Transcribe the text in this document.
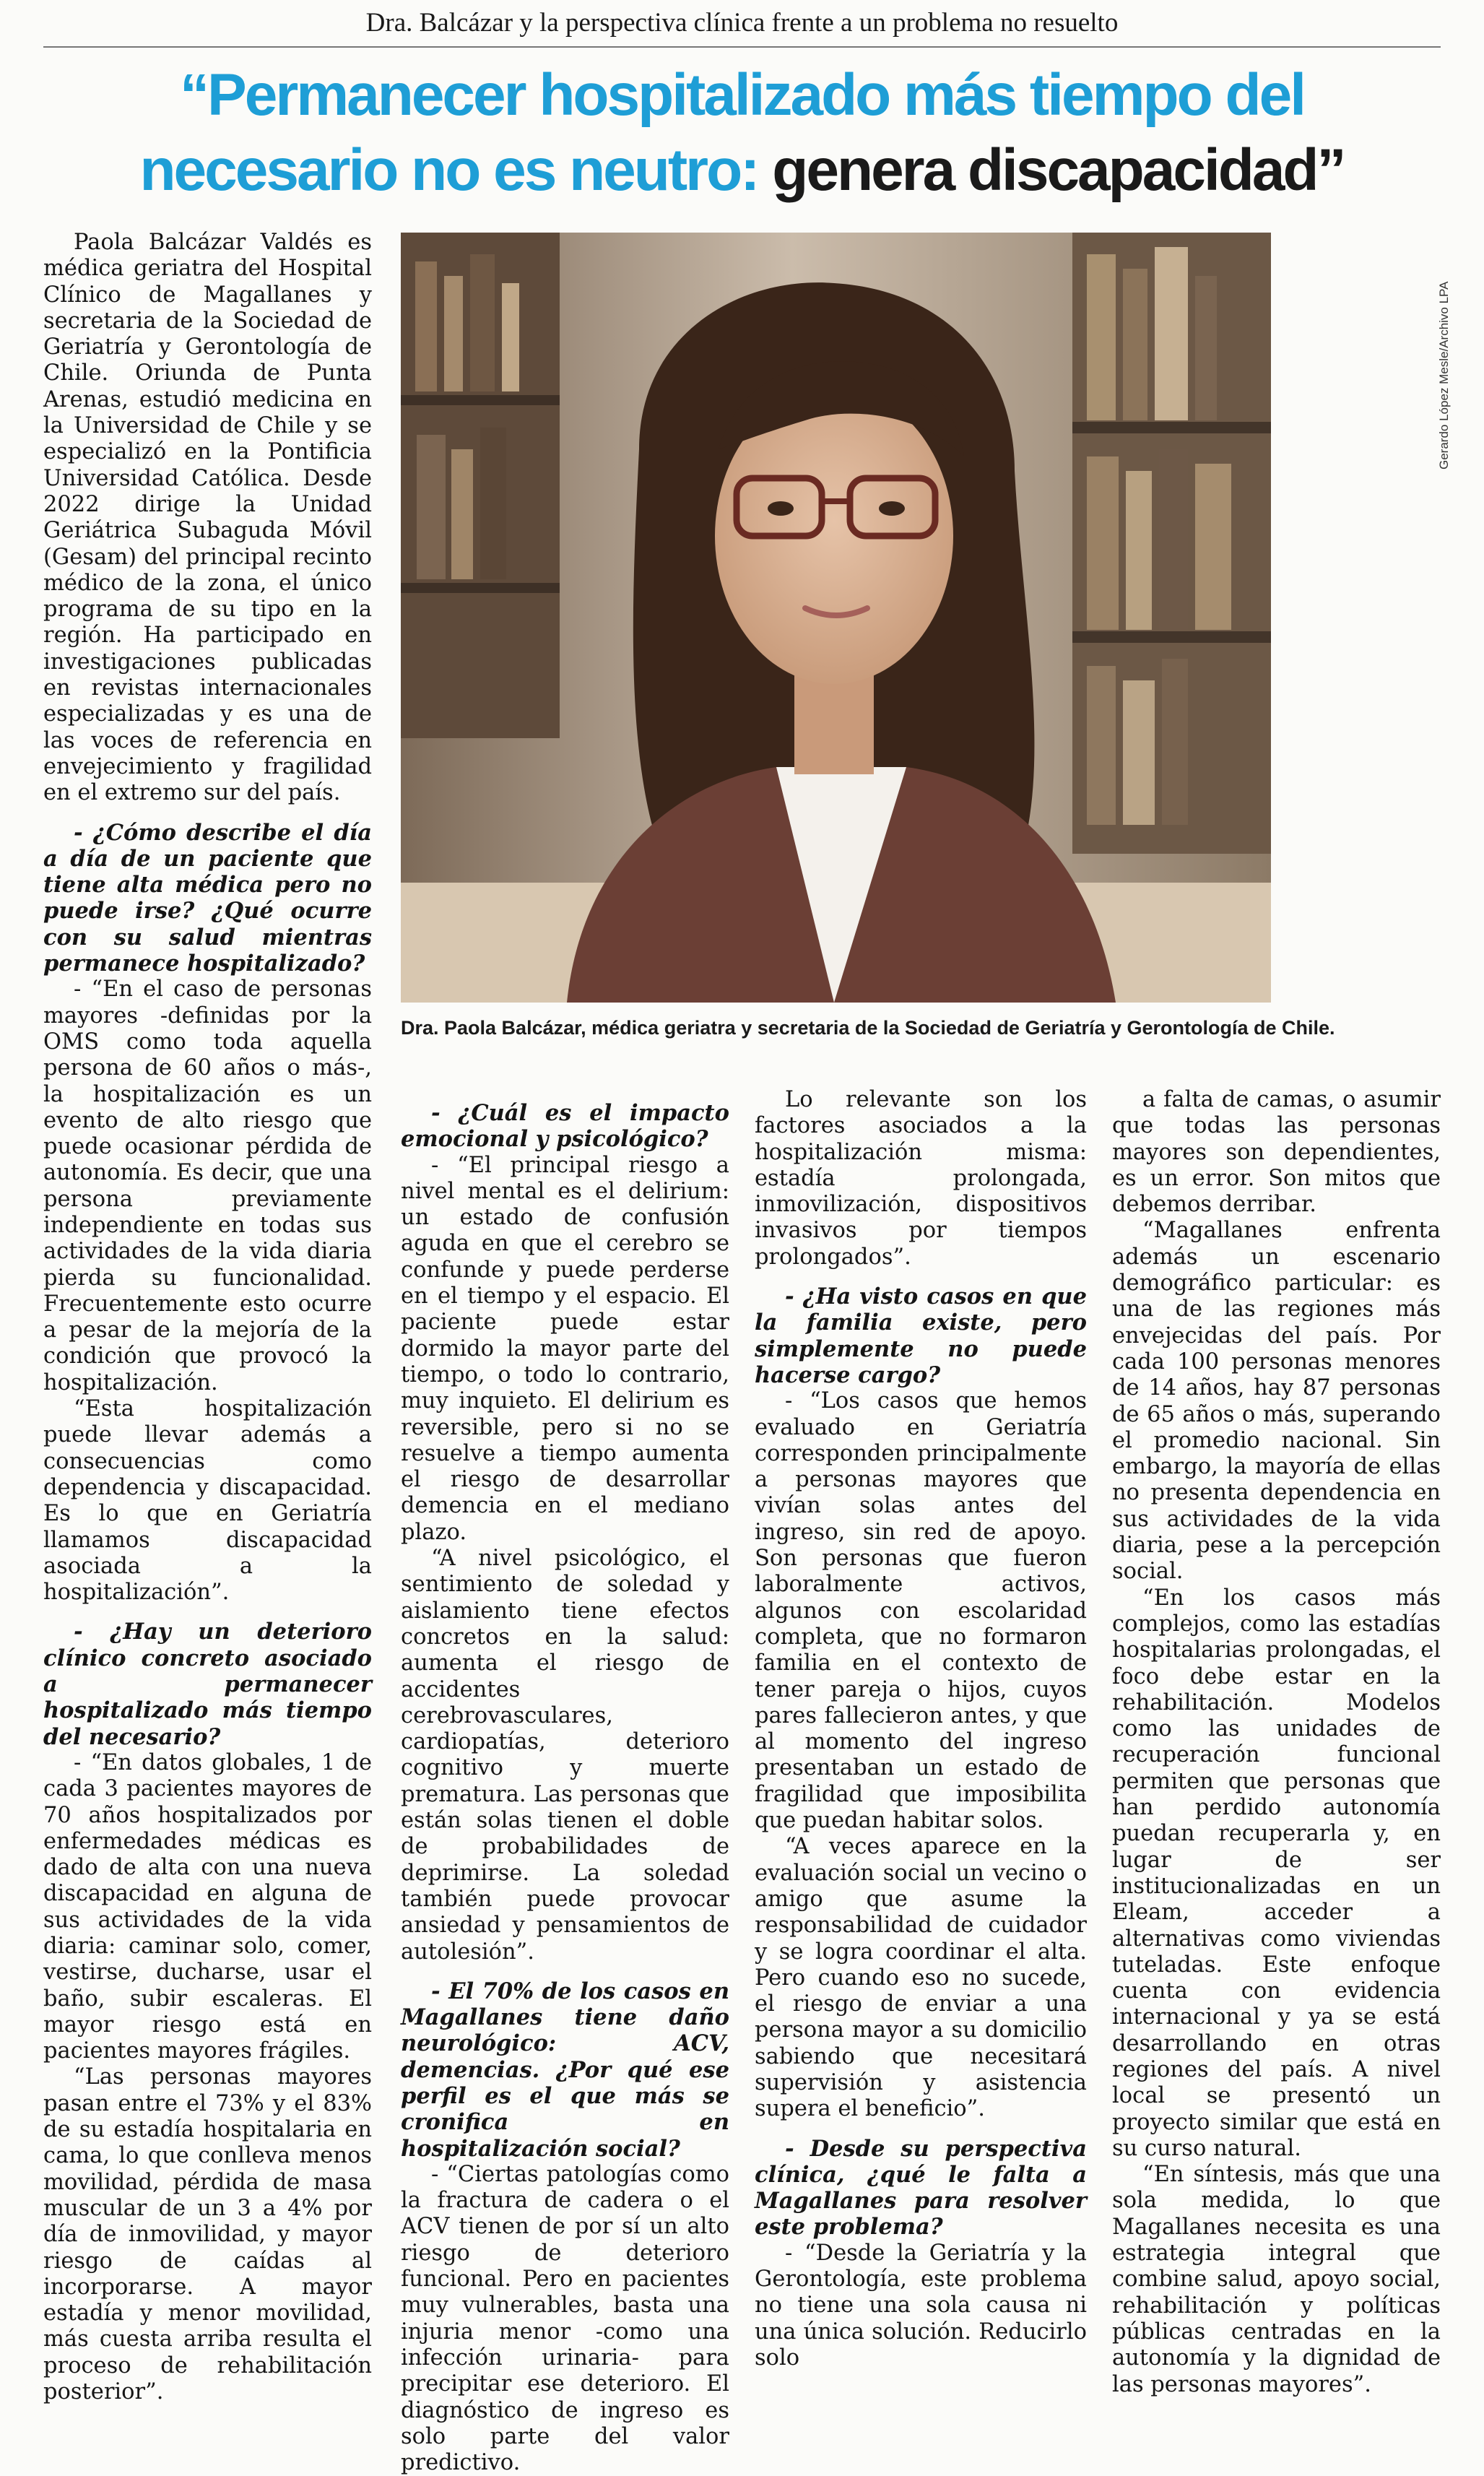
Dra. Balcázar y la perspectiva clínica frente a un problema no resuelto
“Permanecer hospitalizado más tiempo del
necesario no es neutro: genera discapacidad”

Paola Balcázar Valdés es médica geriatra del Hospital Clínico de Magallanes y secretaria de la Sociedad de Geriatría y Gerontología de Chile. Oriunda de Punta Arenas, estudió medicina en la Universidad de Chile y se especializó en la Pontificia Universidad Católica. Desde 2022 dirige la Unidad Geriátrica Subaguda Móvil (Gesam) del principal recinto médico de la zona, el único programa de su tipo en la región. Ha participado en investigaciones publicadas en revistas internacionales especializadas y es una de las voces de referencia en envejecimiento y fragilidad en el extremo sur del país.

- ¿Cómo describe el día a día de un paciente que tiene alta médica pero no puede irse? ¿Qué ocurre con su salud mientras permanece hospitalizado?

- “En el caso de personas mayores -definidas por la OMS como toda aquella persona de 60 años o más-, la hospitalización es un evento de alto riesgo que puede ocasionar pérdida de autonomía. Es decir, que una persona previamente independiente en todas sus actividades de la vida diaria pierda su funcionalidad. Frecuentemente esto ocurre a pesar de la mejoría de la condición que provocó la hospitalización.

“Esta hospitalización puede llevar además a consecuencias como dependencia y discapacidad. Es lo que en Geriatría llamamos discapacidad asociada a la hospitalización”.

- ¿Hay un deterioro clínico concreto asociado a permanecer hospitalizado más tiempo del necesario?

- “En datos globales, 1 de cada 3 pacientes mayores de 70 años hospitalizados por enfermedades médicas es dado de alta con una nueva discapacidad en alguna de sus actividades de la vida diaria: caminar solo, comer, vestirse, ducharse, usar el baño, subir escaleras. El mayor riesgo está en pacientes mayores frágiles.

“Las personas mayores pasan entre el 73% y el 83% de su estadía hospitalaria en cama, lo que conlleva menos movilidad, pérdida de masa muscular de un 3 a 4% por día de inmovilidad, y mayor riesgo de caídas al incorporarse. A mayor estadía y menor movilidad, más cuesta arriba resulta el proceso de rehabilitación posterior”.

Gerardo López Mesle/Archivo LPA
Dra. Paola Balcázar, médica geriatra y secretaria de la Sociedad de Geriatría y Gerontología de Chile.

- ¿Cuál es el impacto emocional y psicológico?

- “El principal riesgo a nivel mental es el delirium: un estado de confusión aguda en que el cerebro se confunde y puede perderse en el tiempo y el espacio. El paciente puede estar dormido la mayor parte del tiempo, o todo lo contrario, muy inquieto. El delirium es reversible, pero si no se resuelve a tiempo aumenta el riesgo de desarrollar demencia en el mediano plazo.

“A nivel psicológico, el sentimiento de soledad y aislamiento tiene efectos concretos en la salud: aumenta el riesgo de accidentes cerebrovasculares, cardiopatías, deterioro cognitivo y muerte prematura. Las personas que están solas tienen el doble de probabilidades de deprimirse. La soledad también puede provocar ansiedad y pensamientos de autolesión”.

- El 70% de los casos en Magallanes tiene daño neurológico: ACV, demencias. ¿Por qué ese perfil es el que más se cronifica en hospitalización social?

- “Ciertas patologías como la fractura de cadera o el ACV tienen de por sí un alto riesgo de deterioro funcional. Pero en pacientes muy vulnerables, basta una injuria menor -como una infección urinaria- para precipitar ese deterioro. El diagnóstico de ingreso es solo parte del valor predictivo.

Lo relevante son los factores asociados a la hospitalización misma: estadía prolongada, inmovilización, dispositivos invasivos por tiempos prolongados”.

- ¿Ha visto casos en que la familia existe, pero simplemente no puede hacerse cargo?

- “Los casos que hemos evaluado en Geriatría corresponden principalmente a personas mayores que vivían solas antes del ingreso, sin red de apoyo. Son personas que fueron laboralmente activos, algunos con escolaridad completa, que no formaron familia en el contexto de tener pareja o hijos, cuyos pares fallecieron antes, y que al momento del ingreso presentaban un estado de fragilidad que imposibilita que puedan habitar solos.

“A veces aparece en la evaluación social un vecino o amigo que asume la responsabilidad de cuidador y se logra coordinar el alta. Pero cuando eso no sucede, el riesgo de enviar a una persona mayor a su domicilio sabiendo que necesitará supervisión y asistencia supera el beneficio”.

- Desde su perspectiva clínica, ¿qué le falta a Magallanes para resolver este problema?

- “Desde la Geriatría y la Gerontología, este problema no tiene una sola causa ni una única solución. Reducirlo solo

a falta de camas, o asumir que todas las personas mayores son dependientes, es un error. Son mitos que debemos derribar.

“Magallanes enfrenta además un escenario demográfico particular: es una de las regiones más envejecidas del país. Por cada 100 personas menores de 14 años, hay 87 personas de 65 años o más, superando el promedio nacional. Sin embargo, la mayoría de ellas no presenta dependencia en sus actividades de la vida diaria, pese a la percepción social.

“En los casos más complejos, como las estadías hospitalarias prolongadas, el foco debe estar en la rehabilitación. Modelos como las unidades de recuperación funcional permiten que personas que han perdido autonomía puedan recuperarla y, en lugar de ser institucionalizadas en un Eleam, acceder a alternativas como viviendas tuteladas. Este enfoque cuenta con evidencia internacional y ya se está desarrollando en otras regiones del país. A nivel local se presentó un proyecto similar que está en su curso natural.

“En síntesis, más que una sola medida, lo que Magallanes necesita es una estrategia integral que combine salud, apoyo social, rehabilitación y políticas públicas centradas en la autonomía y la dignidad de las personas mayores”.
